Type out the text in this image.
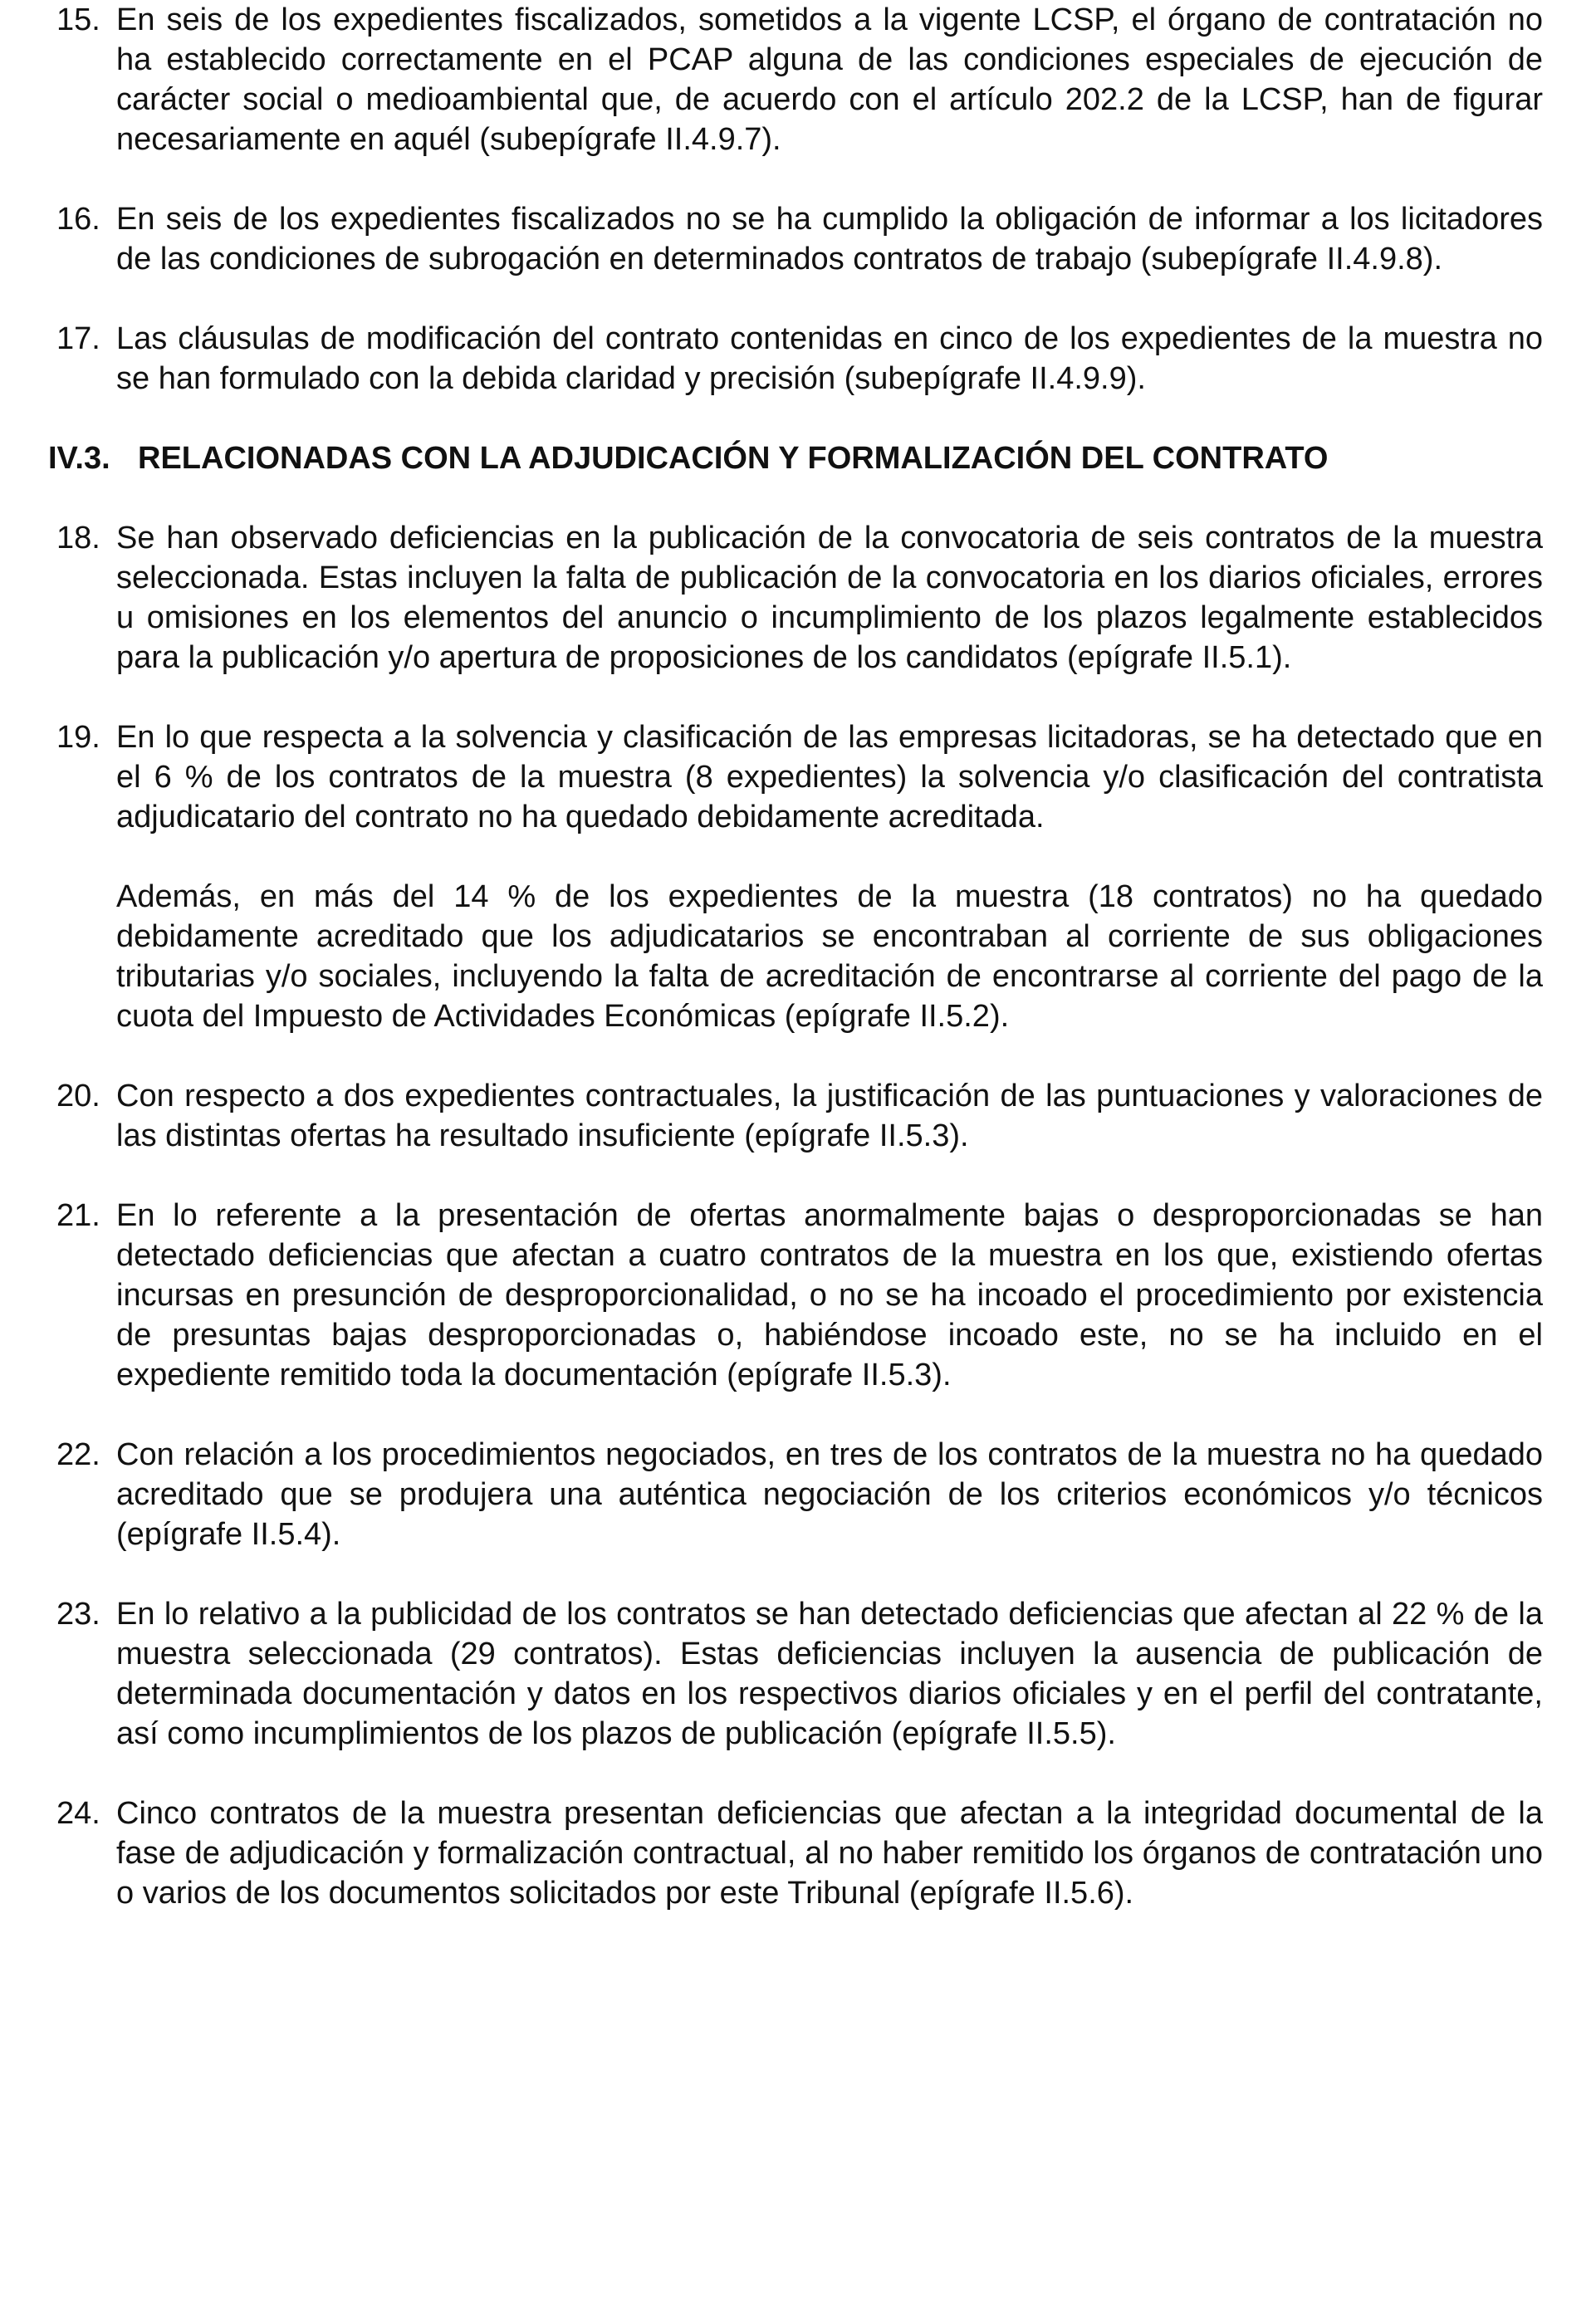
15. En seis de los expedientes fiscalizados, sometidos a la vigente LCSP, el órgano de contratación no ha establecido correctamente en el PCAP alguna de las condiciones especiales de ejecución de carácter social o medioambiental que, de acuerdo con el artículo 202.2 de la LCSP, han de figurar necesariamente en aquél (subepígrafe II.4.9.7).

16. En seis de los expedientes fiscalizados no se ha cumplido la obligación de informar a los licitadores de las condiciones de subrogación en determinados contratos de trabajo (subepígrafe II.4.9.8).

17. Las cláusulas de modificación del contrato contenidas en cinco de los expedientes de la muestra no se han formulado con la debida claridad y precisión (subepígrafe II.4.9.9).

IV.3. RELACIONADAS CON LA ADJUDICACIÓN Y FORMALIZACIÓN DEL CONTRATO
18. Se han observado deficiencias en la publicación de la convocatoria de seis contratos de la muestra seleccionada. Estas incluyen la falta de publicación de la convocatoria en los diarios oficiales, errores u omisiones en los elementos del anuncio o incumplimiento de los plazos legalmente establecidos para la publicación y/o apertura de proposiciones de los candidatos (epígrafe II.5.1).

19. En lo que respecta a la solvencia y clasificación de las empresas licitadoras, se ha detectado que en el 6 % de los contratos de la muestra (8 expedientes) la solvencia y/o clasificación del contratista adjudicatario del contrato no ha quedado debidamente acreditada.

Además, en más del 14 % de los expedientes de la muestra (18 contratos) no ha quedado debidamente acreditado que los adjudicatarios se encontraban al corriente de sus obligaciones tributarias y/o sociales, incluyendo la falta de acreditación de encontrarse al corriente del pago de la cuota del Impuesto de Actividades Económicas (epígrafe II.5.2).

20. Con respecto a dos expedientes contractuales, la justificación de las puntuaciones y valoraciones de las distintas ofertas ha resultado insuficiente (epígrafe II.5.3).

21. En lo referente a la presentación de ofertas anormalmente bajas o desproporcionadas se han detectado deficiencias que afectan a cuatro contratos de la muestra en los que, existiendo ofertas incursas en presunción de desproporcionalidad, o no se ha incoado el procedimiento por existencia de presuntas bajas desproporcionadas o, habiéndose incoado este, no se ha incluido en el expediente remitido toda la documentación (epígrafe II.5.3).

22. Con relación a los procedimientos negociados, en tres de los contratos de la muestra no ha quedado acreditado que se produjera una auténtica negociación de los criterios económicos y/o técnicos (epígrafe II.5.4).

23. En lo relativo a la publicidad de los contratos se han detectado deficiencias que afectan al 22 % de la muestra seleccionada (29 contratos). Estas deficiencias incluyen la ausencia de publicación de determinada documentación y datos en los respectivos diarios oficiales y en el perfil del contratante, así como incumplimientos de los plazos de publicación (epígrafe II.5.5).

24. Cinco contratos de la muestra presentan deficiencias que afectan a la integridad documental de la fase de adjudicación y formalización contractual, al no haber remitido los órganos de contratación uno o varios de los documentos solicitados por este Tribunal (epígrafe II.5.6).
